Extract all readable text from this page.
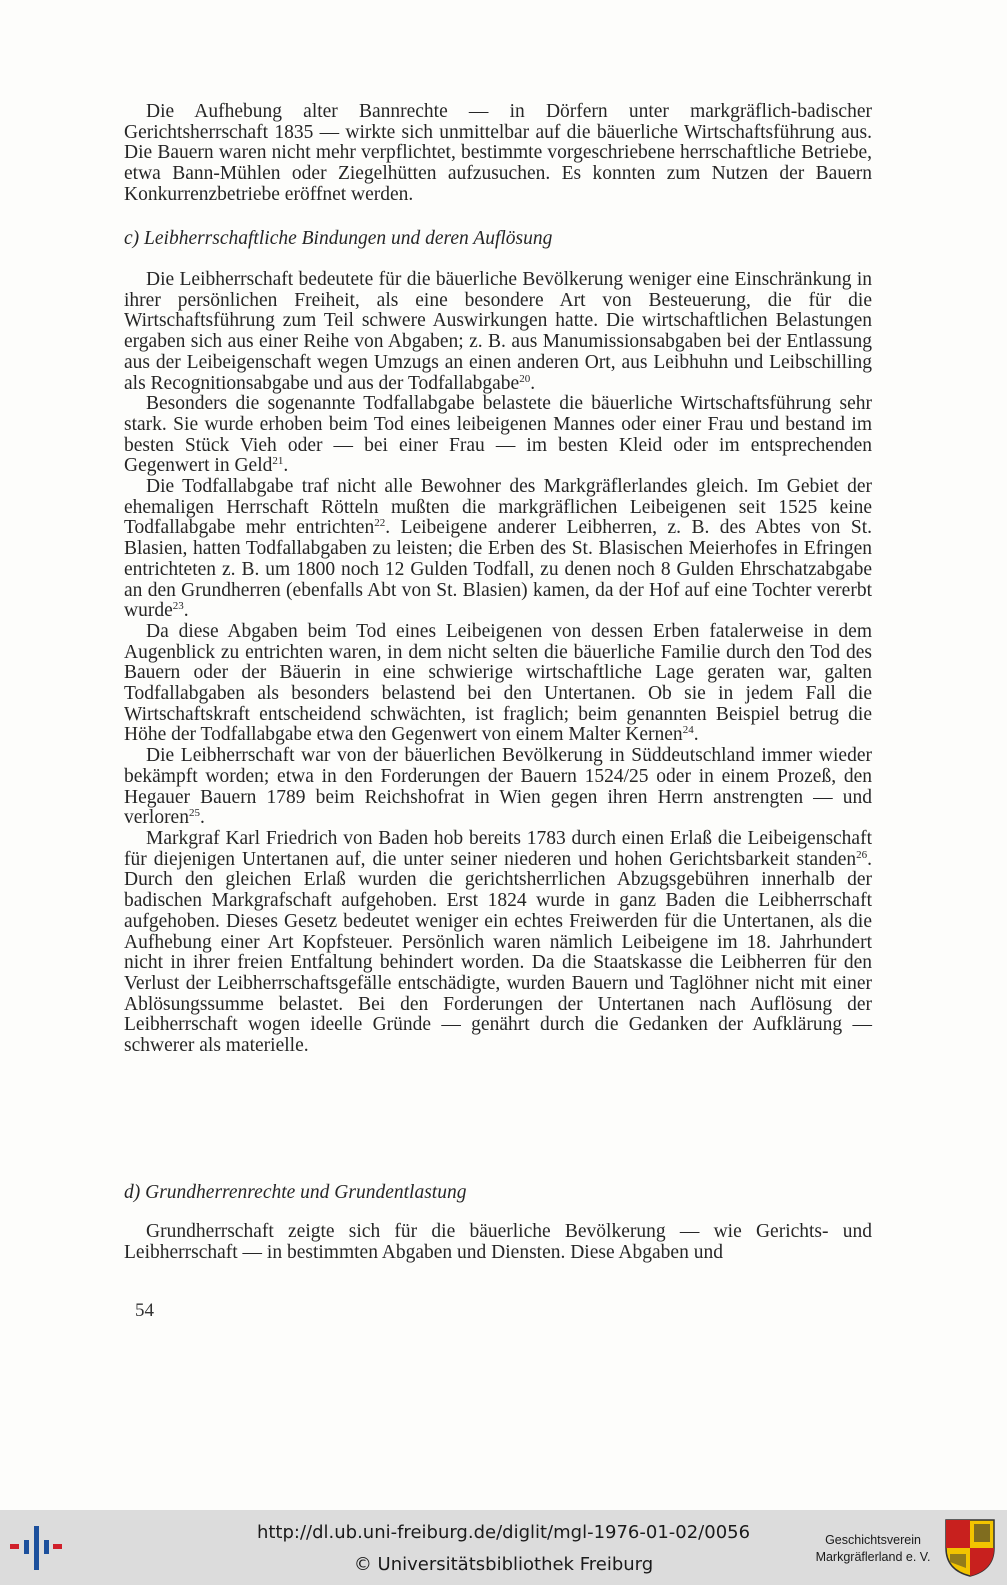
Die Aufhebung alter Bannrechte — in Dörfern unter markgräflich-badischer Gerichtsherrschaft 1835 — wirkte sich unmittelbar auf die bäuerliche Wirtschaftsführung aus. Die Bauern waren nicht mehr verpflichtet, bestimmte vorgeschriebene herrschaftliche Betriebe, etwa Bann-Mühlen oder Ziegelhütten aufzusuchen. Es konnten zum Nutzen der Bauern Konkurrenzbetriebe eröffnet werden.

c) Leibherrschaftliche Bindungen und deren Auflösung

Die Leibherrschaft bedeutete für die bäuerliche Bevölkerung weniger eine Einschränkung in ihrer persönlichen Freiheit, als eine besondere Art von Besteuerung, die für die Wirtschaftsführung zum Teil schwere Auswirkungen hatte. Die wirtschaftlichen Belastungen ergaben sich aus einer Reihe von Abgaben; z. B. aus Manumissionsabgaben bei der Entlassung aus der Leibeigenschaft wegen Umzugs an einen anderen Ort, aus Leibhuhn und Leibschilling als Recognitionsabgabe und aus der Todfallabgabe$^{20}$.

Besonders die sogenannte Todfallabgabe belastete die bäuerliche Wirtschaftsführung sehr stark. Sie wurde erhoben beim Tod eines leibeigenen Mannes oder einer Frau und bestand im besten Stück Vieh oder — bei einer Frau — im besten Kleid oder im entsprechenden Gegenwert in Geld$^{21}$.

Die Todfallabgabe traf nicht alle Bewohner des Markgräflerlandes gleich. Im Gebiet der ehemaligen Herrschaft Rötteln mußten die markgräflichen Leibeigenen seit 1525 keine Todfallabgabe mehr entrichten$^{22}$. Leibeigene anderer Leibherren, z. B. des Abtes von St. Blasien, hatten Todfallabgaben zu leisten; die Erben des St. Blasischen Meierhofes in Efringen entrichteten z. B. um 1800 noch 12 Gulden Todfall, zu denen noch 8 Gulden Ehrschatzabgabe an den Grundherren (ebenfalls Abt von St. Blasien) kamen, da der Hof auf eine Tochter vererbt wurde$^{23}$.

Da diese Abgaben beim Tod eines Leibeigenen von dessen Erben fatalerweise in dem Augenblick zu entrichten waren, in dem nicht selten die bäuerliche Familie durch den Tod des Bauern oder der Bäuerin in eine schwierige wirtschaftliche Lage geraten war, galten Todfallabgaben als besonders belastend bei den Untertanen. Ob sie in jedem Fall die Wirtschaftskraft entscheidend schwächten, ist fraglich; beim genannten Beispiel betrug die Höhe der Todfallabgabe etwa den Gegenwert von einem Malter Kernen$^{24}$.

Die Leibherrschaft war von der bäuerlichen Bevölkerung in Süddeutschland immer wieder bekämpft worden; etwa in den Forderungen der Bauern 1524/25 oder in einem Prozeß, den Hegauer Bauern 1789 beim Reichshofrat in Wien gegen ihren Herrn anstrengten — und verloren$^{25}$.

Markgraf Karl Friedrich von Baden hob bereits 1783 durch einen Erlaß die Leibeigenschaft für diejenigen Untertanen auf, die unter seiner niederen und hohen Gerichtsbarkeit standen$^{26}$. Durch den gleichen Erlaß wurden die gerichtsherrlichen Abzugsgebühren innerhalb der badischen Markgrafschaft aufgehoben. Erst 1824 wurde in ganz Baden die Leibherrschaft aufgehoben. Dieses Gesetz bedeutet weniger ein echtes Freiwerden für die Untertanen, als die Aufhebung einer Art Kopfsteuer. Persönlich waren nämlich Leibeigene im 18. Jahrhundert nicht in ihrer freien Entfaltung behindert worden. Da die Staatskasse die Leibherren für den Verlust der Leibherrschaftsgefälle entschädigte, wurden Bauern und Taglöhner nicht mit einer Ablösungssumme belastet. Bei den Forderungen der Untertanen nach Auflösung der Leibherrschaft wogen ideelle Gründe — genährt durch die Gedanken der Aufklärung — schwerer als materielle.

d) Grundherrenrechte und Grundentlastung

Grundherrschaft zeigte sich für die bäuerliche Bevölkerung — wie Gerichts- und Leibherrschaft — in bestimmten Abgaben und Diensten. Diese Abgaben und

54
http://dl.ub.uni-freiburg.de/diglit/mgl-1976-01-02/0056
© Universitätsbibliothek Freiburg
Geschichtsverein
Markgräflerland e. V.
